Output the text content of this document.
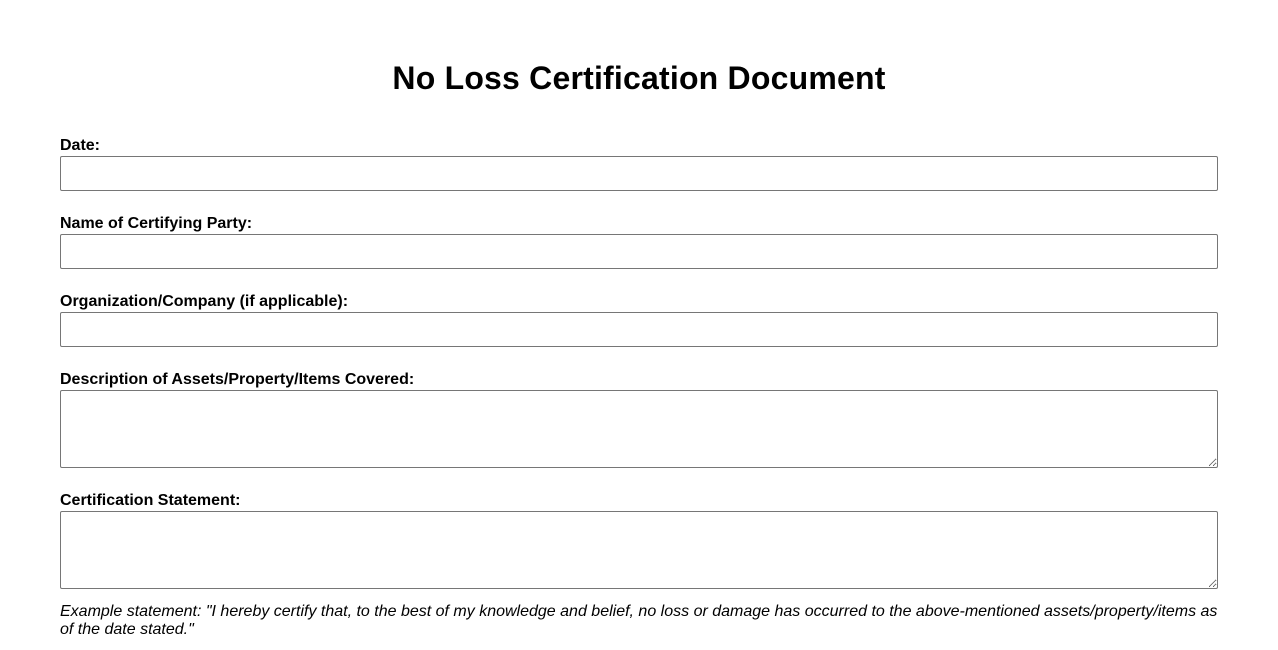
No Loss Certification Document
Date:
Name of Certifying Party:
Organization/Company (if applicable):
Description of Assets/Property/Items Covered:
Certification Statement:

Example statement: "I hereby certify that, to the best of my knowledge and belief, no loss or damage has occurred to the above-mentioned assets/property/items as of the date stated."
